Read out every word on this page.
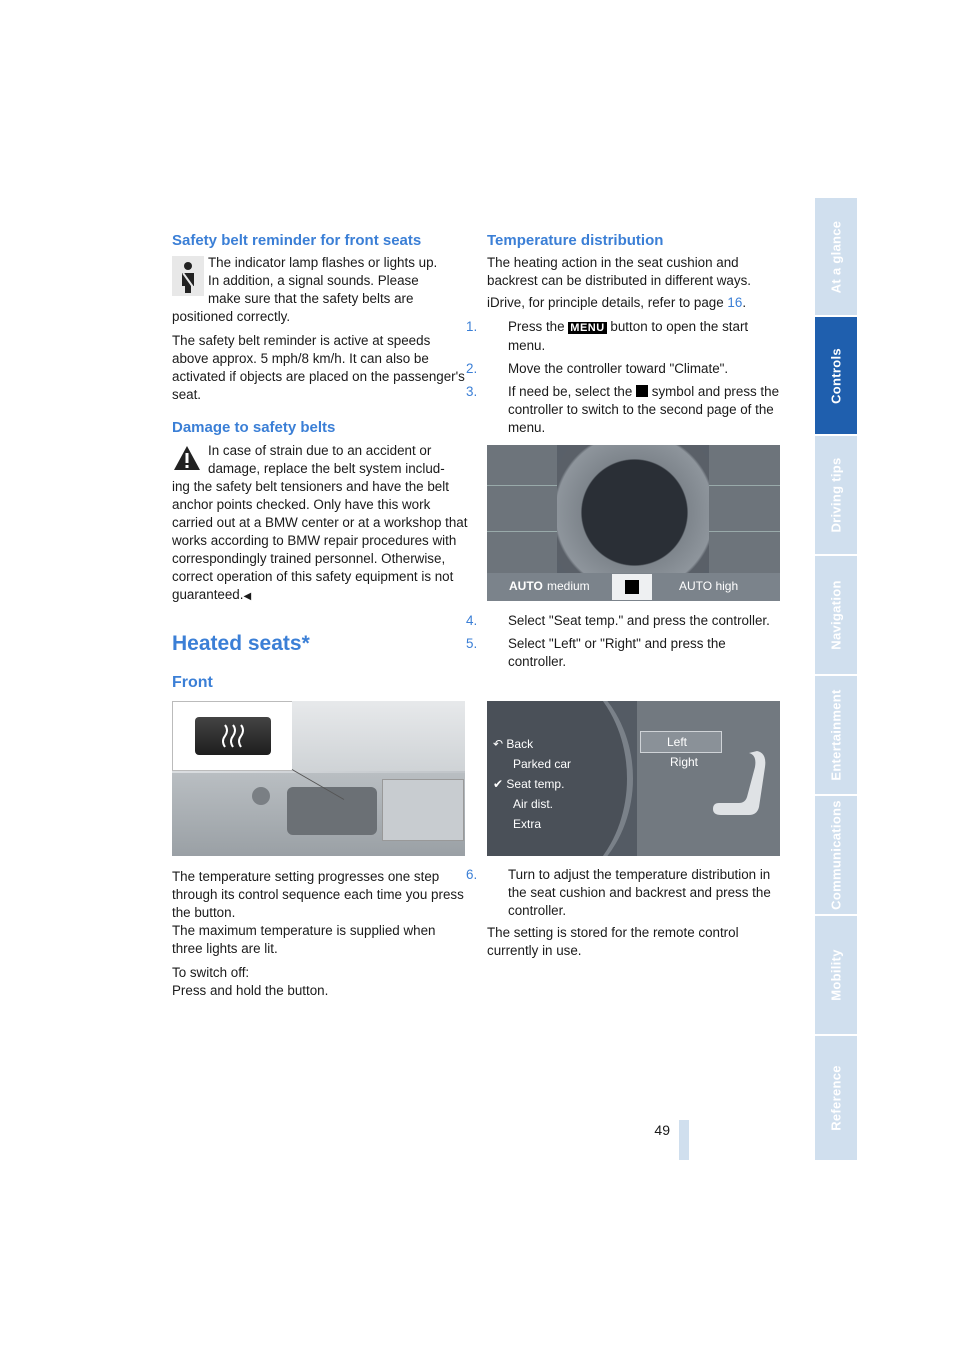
Safety belt reminder for front seats
The indicator lamp flashes or lights up.
In addition, a signal sounds. Please
make sure that the safety belts are
positioned correctly.
The safety belt reminder is active at speeds above approx. 5 mph/8 km/h. It can also be activated if objects are placed on the passenger's seat.
Damage to safety belts
In case of strain due to an accident or
damage, replace the belt system includ-
ing the safety belt tensioners and have the belt anchor points checked. Only have this work carried out at a BMW center or at a workshop that works according to BMW repair procedures with correspondingly trained personnel. Otherwise, correct operation of this safety equipment is not guaranteed.◀
Heated seats*
Front
The temperature setting progresses one step through its control sequence each time you press the button.
The maximum temperature is supplied when three lights are lit.
To switch off:
Press and hold the button.
Temperature distribution
The heating action in the seat cushion and backrest can be distributed in different ways.
iDrive, for principle details, refer to page 16.
1. Press the MENU button to open the start menu.
2. Move the controller toward "Climate".
3. If need be, select the  symbol and press the controller to switch to the second page of the menu.
AUTO medium	AUTO high
4. Select "Seat temp." and press the controller.
5. Select "Left" or "Right" and press the controller.
↶ Back
Parked car
✔ Seat temp.
Air dist.
Extra
Left
Right
6. Turn to adjust the temperature distribution in the seat cushion and backrest and press the controller.
The setting is stored for the remote control currently in use.
At a glance
Controls
Driving tips
Navigation
Entertainment
Communications
Mobility
Reference
49
